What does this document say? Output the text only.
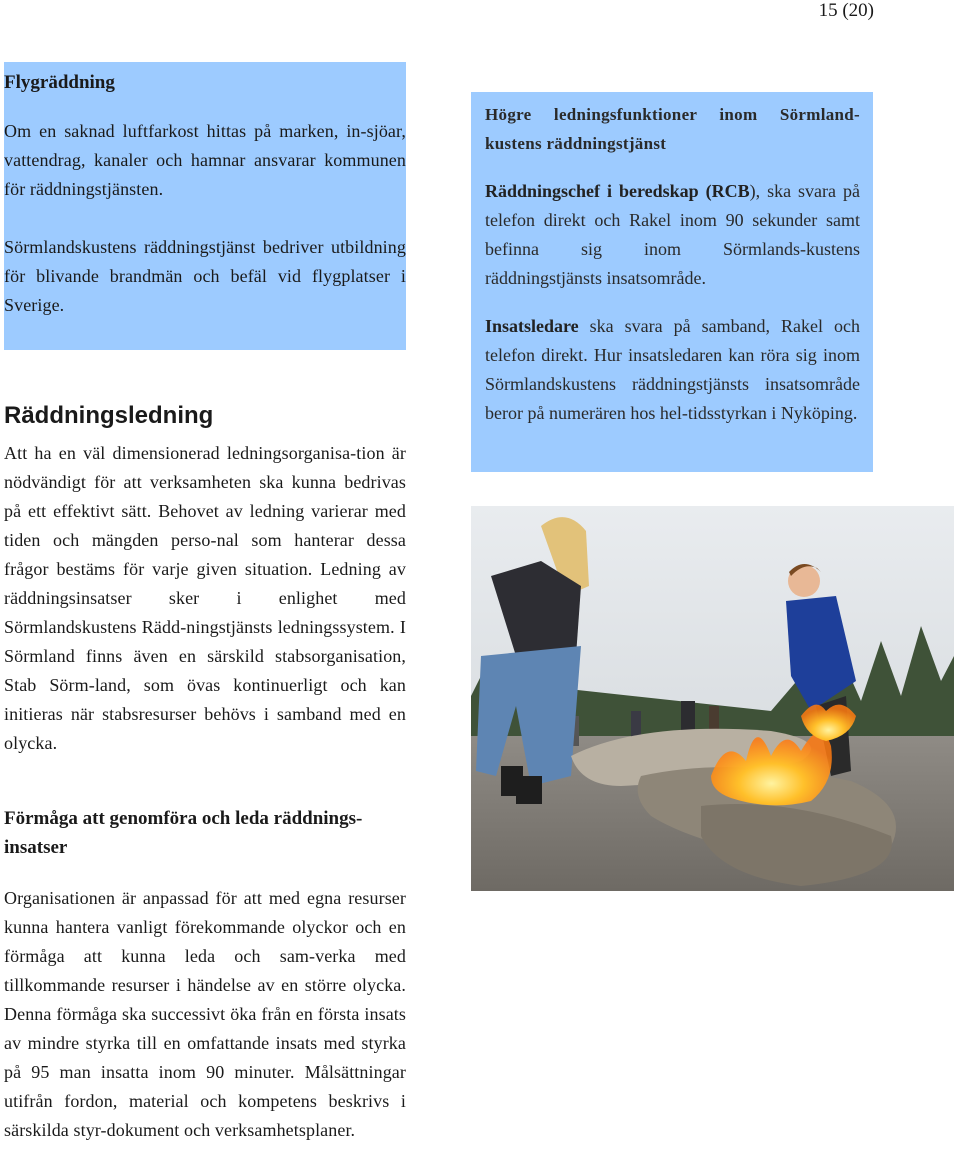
15 (20)
Flygräddning

Om en saknad luftfarkost hittas på marken, in-sjöar, vattendrag, kanaler och hamnar ansvarar kommunen för räddningstjänsten.

Sörmlandskustens räddningstjänst bedriver utbildning för blivande brandmän och befäl vid flygplatser i Sverige.

Räddningsledning

Att ha en väl dimensionerad ledningsorganisa-tion är nödvändigt för att verksamheten ska kunna bedrivas på ett effektivt sätt. Behovet av ledning varierar med tiden och mängden perso-nal som hanterar dessa frågor bestäms för varje given situation. Ledning av räddningsinsatser sker i enlighet med Sörmlandskustens Rädd-ningstjänsts ledningssystem. I Sörmland finns även en särskild stabsorganisation, Stab Sörm-land, som övas kontinuerligt och kan initieras när stabsresurser behövs i samband med en olycka.

Förmåga att genomföra och leda räddnings-insatser

Organisationen är anpassad för att med egna resurser kunna hantera vanligt förekommande olyckor och en förmåga att kunna leda och sam-verka med tillkommande resurser i händelse av en större olycka. Denna förmåga ska successivt öka från en första insats av mindre styrka till en omfattande insats med styrka på 95 man insatta inom 90 minuter. Målsättningar utifrån fordon, material och kompetens beskrivs i särskilda styr-dokument och verksamhetsplaner.

Högre ledningsfunktioner inom Sörmland-kustens räddningstjänst

Räddningschef i beredskap (RCB), ska svara på telefon direkt och Rakel inom 90 sekunder samt befinna sig inom Sörmlands-kustens räddningstjänsts insatsområde.

Insatsledare ska svara på samband, Rakel och telefon direkt. Hur insatsledaren kan röra sig inom Sörmlandskustens räddningstjänsts insatsområde beror på numerären hos hel-tidsstyrkan i Nyköping.
